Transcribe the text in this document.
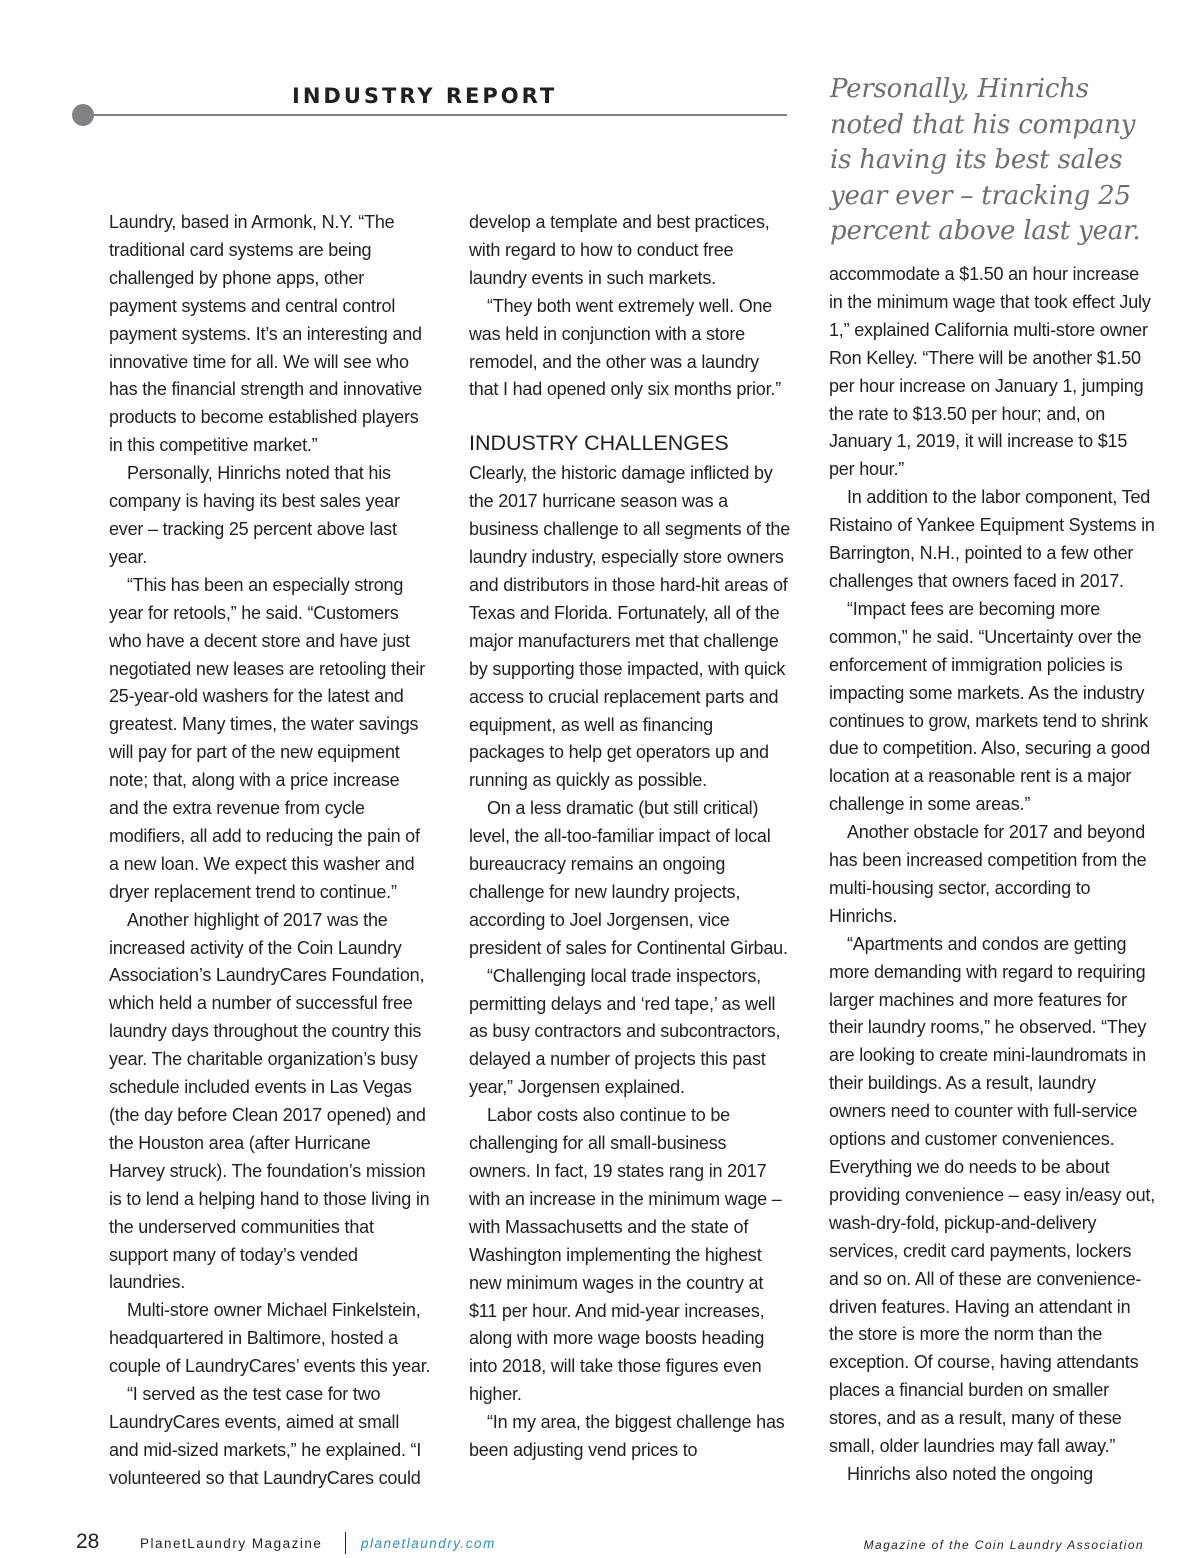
INDUSTRY REPORT	Personally, Hinrichs noted that his company is having its best sales year ever – tracking 25 percent above last year.

Laundry, based in Armonk, N.Y. “The traditional card systems are being challenged by phone apps, other payment systems and central control payment systems. It’s an interesting and innovative time for all. We will see who has the financial strength and innovative products to become established players in this competitive market.”

Personally, Hinrichs noted that his company is having its best sales year ever – tracking 25 percent above last year.

“This has been an especially strong year for retools,” he said. “Customers who have a decent store and have just negotiated new leases are retooling their 25-year-old washers for the latest and greatest. Many times, the water savings will pay for part of the new equipment note; that, along with a price increase and the extra revenue from cycle modifiers, all add to reducing the pain of a new loan. We expect this washer and dryer replacement trend to continue.”

Another highlight of 2017 was the increased activity of the Coin Laundry Association’s LaundryCares Foundation, which held a number of successful free laundry days throughout the country this year. The charitable organization’s busy schedule included events in Las Vegas (the day before Clean 2017 opened) and the Houston area (after Hurricane Harvey struck). The foundation’s mission is to lend a helping hand to those living in the underserved communities that support many of today’s vended laundries.

Multi-store owner Michael Finkelstein, headquartered in Baltimore, hosted a couple of LaundryCares’ events this year.

“I served as the test case for two LaundryCares events, aimed at small and mid-sized markets,” he explained. “I volunteered so that LaundryCares could

develop a template and best practices, with regard to how to conduct free laundry events in such markets.

“They both went extremely well. One was held in conjunction with a store remodel, and the other was a laundry that I had opened only six months prior.”

INDUSTRY CHALLENGES

Clearly, the historic damage inflicted by the 2017 hurricane season was a business challenge to all segments of the laundry industry, especially store owners and distributors in those hard-hit areas of Texas and Florida. Fortunately, all of the major manufacturers met that challenge by supporting those impacted, with quick access to crucial replacement parts and equipment, as well as financing packages to help get operators up and running as quickly as possible.

On a less dramatic (but still critical) level, the all-too-familiar impact of local bureaucracy remains an ongoing challenge for new laundry projects, according to Joel Jorgensen, vice president of sales for Continental Girbau.

“Challenging local trade inspectors, permitting delays and ‘red tape,’ as well as busy contractors and subcontractors, delayed a number of projects this past year,” Jorgensen explained.

Labor costs also continue to be challenging for all small-business owners. In fact, 19 states rang in 2017 with an increase in the minimum wage – with Massachusetts and the state of Washington implementing the highest new minimum wages in the country at $11 per hour. And mid-year increases, along with more wage boosts heading into 2018, will take those figures even higher.

“In my area, the biggest challenge has been adjusting vend prices to

accommodate a $1.50 an hour increase in the minimum wage that took effect July 1,” explained California multi-store owner Ron Kelley. “There will be another $1.50 per hour increase on January 1, jumping the rate to $13.50 per hour; and, on January 1, 2019, it will increase to $15 per hour.”

In addition to the labor component, Ted Ristaino of Yankee Equipment Systems in Barrington, N.H., pointed to a few other challenges that owners faced in 2017.

“Impact fees are becoming more common,” he said. “Uncertainty over the enforcement of immigration policies is impacting some markets. As the industry continues to grow, markets tend to shrink due to competition. Also, securing a good location at a reasonable rent is a major challenge in some areas.”

Another obstacle for 2017 and beyond has been increased competition from the multi-housing sector, according to Hinrichs.

“Apartments and condos are getting more demanding with regard to requiring larger machines and more features for their laundry rooms,” he observed. “They are looking to create mini-laundromats in their buildings. As a result, laundry owners need to counter with full-service options and customer conveniences. Everything we do needs to be about providing convenience – easy in/easy out, wash-dry-fold, pickup-and-delivery services, credit card payments, lockers and so on. All of these are convenience-driven features. Having an attendant in the store is more the norm than the exception. Of course, having attendants places a financial burden on smaller stores, and as a result, many of these small, older laundries may fall away.”

Hinrichs also noted the ongoing

28	PlanetLaundry Magazine	planetlaundry.com	Magazine of the Coin Laundry Association
